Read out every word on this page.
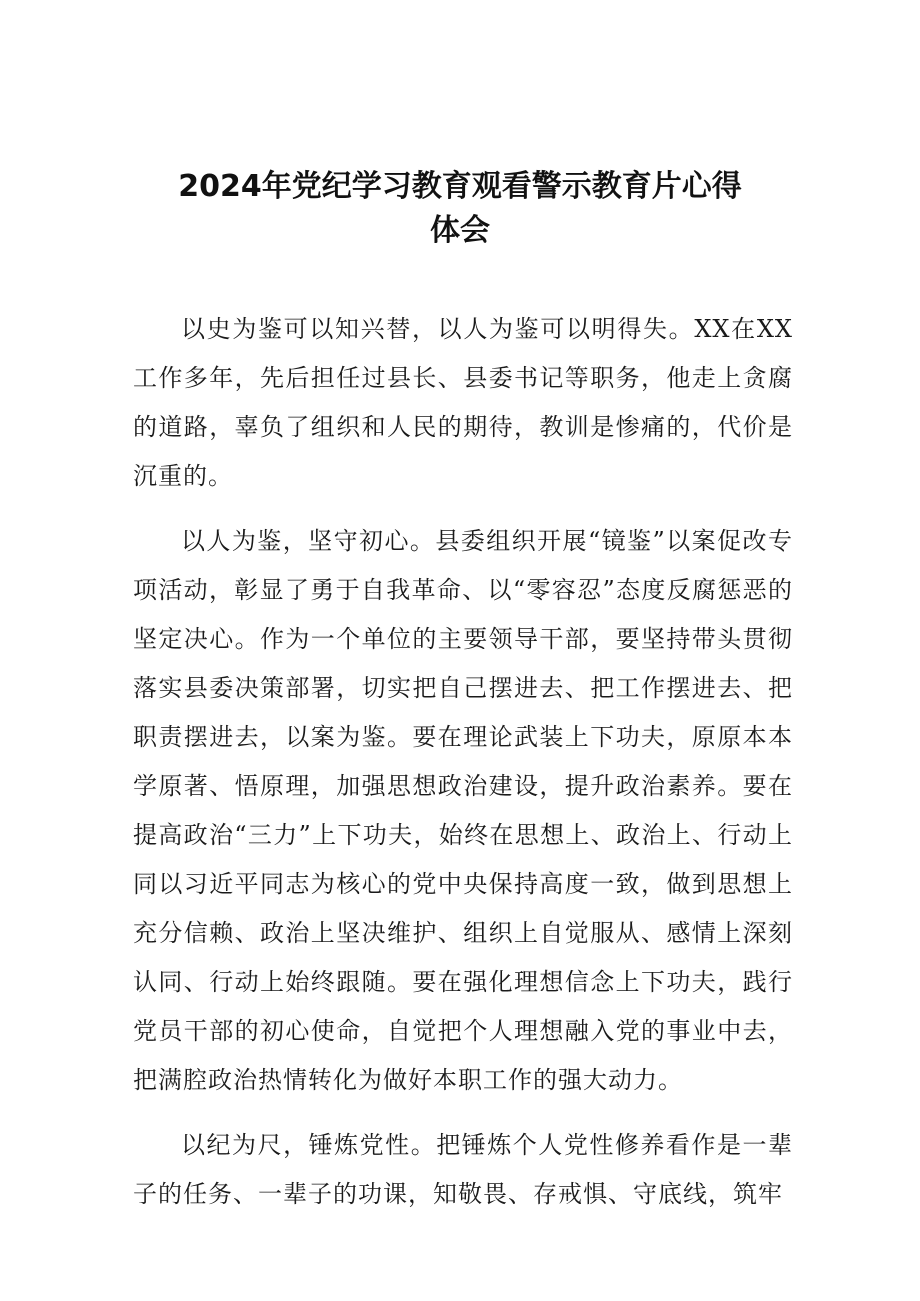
2024年党纪学习教育观看警示教育片心得
体会

以史为鉴可以知兴替，以人为鉴可以明得失。XX在XX工作多年，先后担任过县长、县委书记等职务，他走上贪腐的道路，辜负了组织和人民的期待，教训是惨痛的，代价是沉重的。

以人为鉴，坚守初心。县委组织开展“镜鉴”以案促改专项活动，彰显了勇于自我革命、以“零容忍”态度反腐惩恶的坚定决心。作为一个单位的主要领导干部，要坚持带头贯彻落实县委决策部署，切实把自己摆进去、把工作摆进去、把职责摆进去，以案为鉴。要在理论武装上下功夫，原原本本学原著、悟原理，加强思想政治建设，提升政治素养。要在提高政治“三力”上下功夫，始终在思想上、政治上、行动上同以习近平同志为核心的党中央保持高度一致，做到思想上充分信赖、政治上坚决维护、组织上自觉服从、感情上深刻认同、行动上始终跟随。要在强化理想信念上下功夫，践行党员干部的初心使命，自觉把个人理想融入党的事业中去，把满腔政治热情转化为做好本职工作的强大动力。

以纪为尺，锤炼党性。把锤炼个人党性修养看作是一辈子的任务、一辈子的功课，知敬畏、存戒惧、守底线，筑牢
